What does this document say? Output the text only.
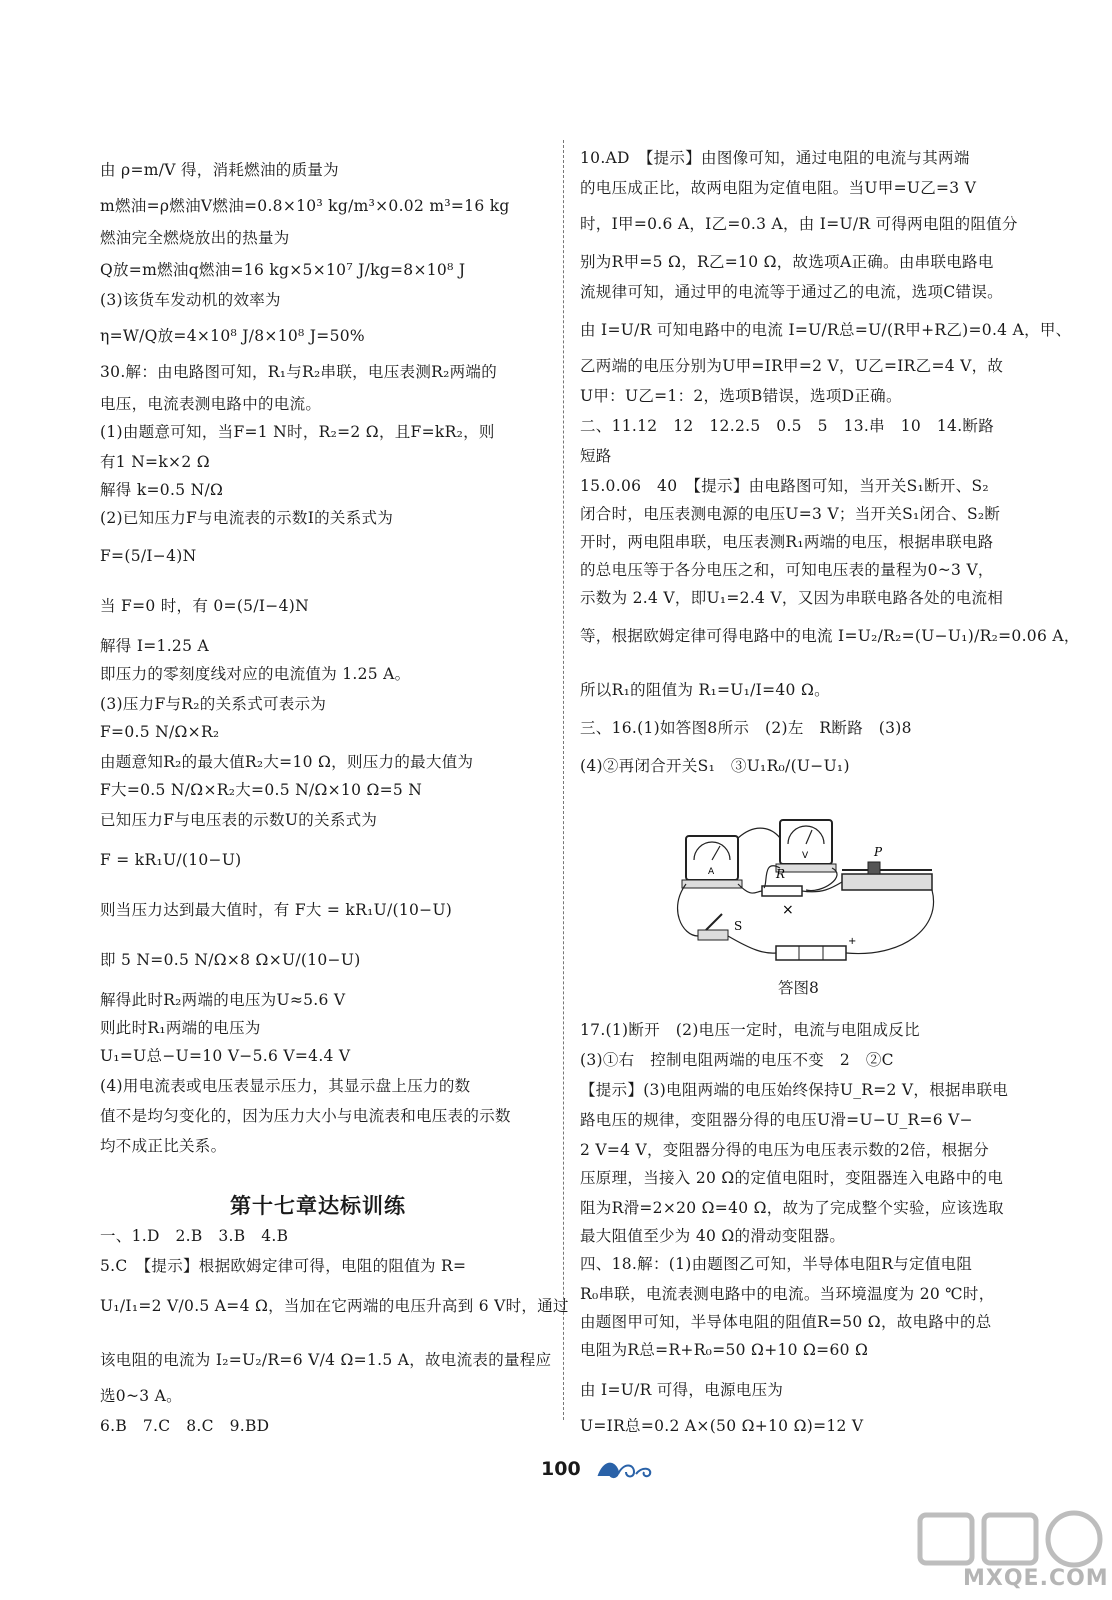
由 ρ=m/V 得，消耗燃油的质量为
m燃油=ρ燃油V燃油=0.8×10³ kg/m³×0.02 m³=16 kg
燃油完全燃烧放出的热量为
Q放=m燃油q燃油=16 kg×5×10⁷ J/kg=8×10⁸ J
(3)该货车发动机的效率为
η=W/Q放=4×10⁸ J/8×10⁸ J=50%
30.解：由电路图可知，R₁与R₂串联，电压表测R₂两端的
电压，电流表测电路中的电流。
(1)由题意可知，当F=1 N时，R₂=2 Ω，且F=kR₂，则
有1 N=k×2 Ω
解得 k=0.5 N/Ω
(2)已知压力F与电流表的示数I的关系式为
F=(5/I−4)N
当 F=0 时，有 0=(5/I−4)N
解得 I=1.25 A
即压力的零刻度线对应的电流值为 1.25 A。
(3)压力F与R₂的关系式可表示为
F=0.5 N/Ω×R₂
由题意知R₂的最大值R₂大=10 Ω，则压力的最大值为
F大=0.5 N/Ω×R₂大=0.5 N/Ω×10 Ω=5 N
已知压力F与电压表的示数U的关系式为
F = kR₁U/(10−U)
则当压力达到最大值时，有 F大 = kR₁U/(10−U)
即 5 N=0.5 N/Ω×8 Ω×U/(10−U)
解得此时R₂两端的电压为U≈5.6 V
则此时R₁两端的电压为
U₁=U总−U=10 V−5.6 V=4.4 V
(4)用电流表或电压表显示压力，其显示盘上压力的数
值不是均匀变化的，因为压力大小与电流表和电压表的示数
均不成正比关系。
一、1.D　2.B　3.B　4.B
5.C　【提示】根据欧姆定律可得，电阻的阻值为 R=
U₁/I₁=2 V/0.5 A=4 Ω，当加在它两端的电压升高到 6 V时，通过
该电阻的电流为 I₂=U₂/R=6 V/4 Ω=1.5 A，故电流表的量程应
选0~3 A。
6.B　7.C　8.C　9.BD
10.AD　【提示】由图像可知，通过电阻的电流与其两端
的电压成正比，故两电阻为定值电阻。当U甲=U乙=3 V
时，I甲=0.6 A，I乙=0.3 A，由 I=U/R 可得两电阻的阻值分
别为R甲=5 Ω，R乙=10 Ω，故选项A正确。由串联电路电
流规律可知，通过甲的电流等于通过乙的电流，选项C错误。
由 I=U/R 可知电路中的电流 I=U/R总=U/(R甲+R乙)=0.4 A，甲、
乙两端的电压分别为U甲=IR甲=2 V，U乙=IR乙=4 V，故
U甲：U乙=1：2，选项B错误，选项D正确。
二、11.12　12　12.2.5　0.5　5　13.串　10　14.断路
短路
15.0.06　40　【提示】由电路图可知，当开关S₁断开、S₂
闭合时，电压表测电源的电压U=3 V；当开关S₁闭合、S₂断
开时，两电阻串联，电压表测R₁两端的电压，根据串联电路
的总电压等于各分电压之和，可知电压表的量程为0~3 V，
示数为 2.4 V，即U₁=2.4 V，又因为串联电路各处的电流相
等，根据欧姆定律可得电路中的电流 I=U₂/R₂=(U−U₁)/R₂=0.06 A，
所以R₁的阻值为 R₁=U₁/I=40 Ω。
三、16.(1)如答图8所示　(2)左　R断路　(3)8
(4)②再闭合开关S₁　③U₁R₀/(U−U₁)
17.(1)断开　(2)电压一定时，电流与电阻成反比
(3)①右　控制电阻两端的电压不变　2　②C
【提示】(3)电阻两端的电压始终保持U_R=2 V，根据串联电
路电压的规律，变阻器分得的电压U滑=U−U_R=6 V−
2 V=4 V，变阻器分得的电压为电压表示数的2倍，根据分
压原理，当接入 20 Ω的定值电阻时，变阻器连入电路中的电
阻为R滑=2×20 Ω=40 Ω，故为了完成整个实验，应该选取
最大阻值至少为 40 Ω的滑动变阻器。
四、18.解：(1)由题图乙可知，半导体电阻R与定值电阻
R₀串联，电流表测电路中的电流。当环境温度为 20 ℃时，
由题图甲可知，半导体电阻的阻值R=50 Ω，故电路中的总
电阻为R总=R+R₀=50 Ω+10 Ω=60 Ω
由 I=U/R 可得，电源电压为
U=IR总=0.2 A×(50 Ω+10 Ω)=12 V
第十七章达标训练
A
V
R
×
P
S
+
答图8
100
MXQE.COM
